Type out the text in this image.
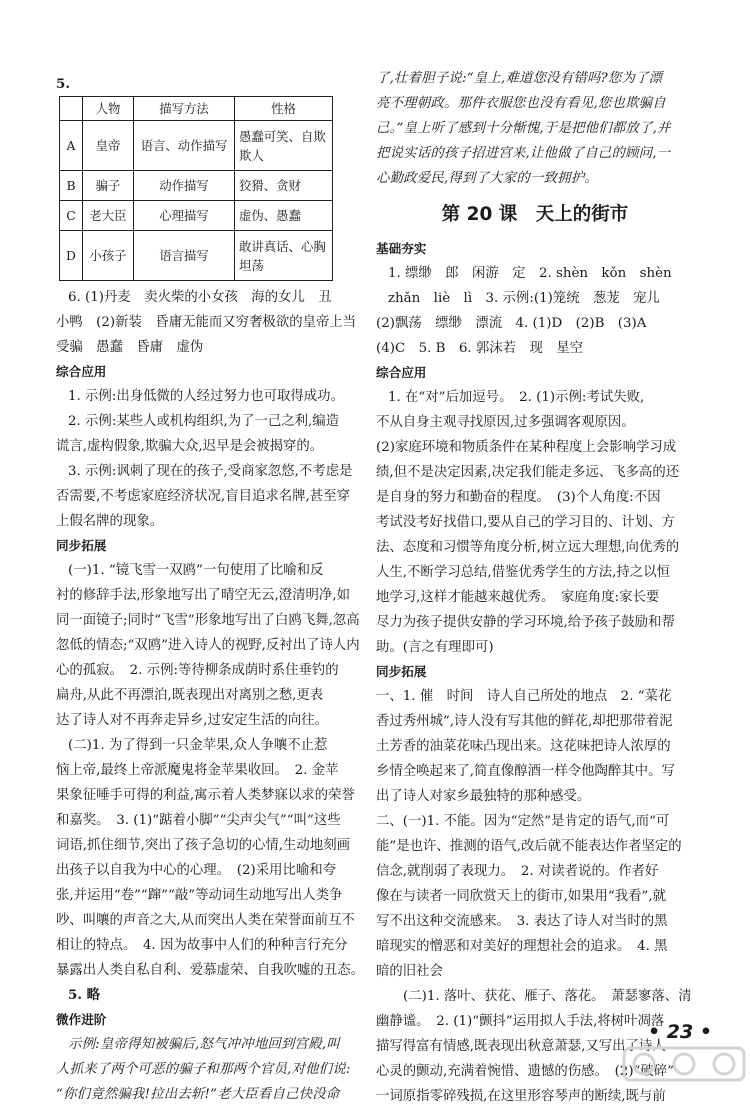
5.

	人物	描写方法	性格
A	皇帝	语言、动作描写	愚蠢可笑、自欺欺人
B	骗子	动作描写	狡猾、贪财
C	老大臣	心理描写	虚伪、愚蠢
D	小孩子	语言描写	敢讲真话、心胸坦荡

6. (1)丹麦　卖火柴的小女孩　海的女儿　丑

小鸭　(2)新装　昏庸无能而又穷奢极欲的皇帝上当

受骗　愚蠢　昏庸　虚伪

综合应用

1. 示例:出身低微的人经过努力也可取得成功。

2. 示例:某些人或机构组织,为了一己之利,编造

谎言,虚构假象,欺骗大众,迟早是会被揭穿的。

3. 示例:讽刺了现在的孩子,受商家忽悠,不考虑是

否需要,不考虑家庭经济状况,盲目追求名牌,甚至穿

上假名牌的现象。

同步拓展

(一)1. “镜飞雪一双鸥”一句使用了比喻和反

衬的修辞手法,形象地写出了晴空无云,澄清明净,如

同一面镜子;同时“飞雪”形象地写出了白鸥飞舞,忽高

忽低的情态;“双鸥”进入诗人的视野,反衬出了诗人内

心的孤寂。　2. 示例:等待柳条成荫时系住垂钓的

扁舟,从此不再漂泊,既表现出对离别之愁,更表

达了诗人对不再奔走异乡,过安定生活的向往。

(二)1. 为了得到一只金苹果,众人争嚷不止惹

恼上帝,最终上帝派魔鬼将金苹果收回。　2. 金苹

果象征唾手可得的利益,寓示着人类梦寐以求的荣誉

和嘉奖。　3. (1)“踮着小脚”“尖声尖气”“叫”这些

词语,抓住细节,突出了孩子急切的心情,生动地刻画

出孩子以自我为中心的心理。　(2)采用比喻和夸

张,并运用“卷”“蹿”“敲”等动词生动地写出人类争

吵、叫嚷的声音之大,从而突出人类在荣誉面前互不

相让的特点。　4. 因为故事中人们的种种言行充分

暴露出人类自私自利、爱慕虚荣、自我吹嘘的丑态。

5. 略

微作进阶

示例:皇帝得知被骗后,怒气冲冲地回到宫殿,叫

人抓来了两个可恶的骗子和那两个官员,对他们说:

“你们竟然骗我!拉出去斩!”老大臣看自己快没命

了,壮着胆子说:“皇上,难道您没有错吗?您为了漂

亮不理朝政。那件衣服您也没有看见,您也欺骗自

己。”皇上听了感到十分惭愧,于是把他们都放了,并

把说实话的孩子招进宫来,让他做了自己的顾问,一

心勤政爱民,得到了大家的一致拥护。

第 20 课　天上的街市
基础夯实

1. 缥缈　郎　闲游　定　2. shèn　kǒn　shèn

zhǎn　liè　lì　3. 示例:(1)笼统　葱茏　宠儿

(2)飘荡　缥缈　漂流　4. (1)D　(2)B　(3)A

(4)C　5. B　6. 郭沫若　现　星空

综合应用

1. 在“对”后加逗号。　2. (1)示例:考试失败,

不从自身主观寻找原因,过多强调客观原因。

(2)家庭环境和物质条件在某种程度上会影响学习成

绩,但不是决定因素,决定我们能走多远、飞多高的还

是自身的努力和勤奋的程度。　(3)个人角度:不因

考试没考好找借口,要从自己的学习目的、计划、方

法、态度和习惯等角度分析,树立远大理想,向优秀的

人生,不断学习总结,借鉴优秀学生的方法,持之以恒

地学习,这样才能越来越优秀。　家庭角度:家长要

尽力为孩子提供安静的学习环境,给予孩子鼓励和帮

助。(言之有理即可)

同步拓展

一、1. 催　时间　诗人自己所处的地点　2. “菜花

香过秀州城”,诗人没有写其他的鲜花,却把那带着泥

土芳香的油菜花味凸现出来。这花味把诗人浓厚的

乡情全唤起来了,简直像醇酒一样令他陶醉其中。写

出了诗人对家乡最独特的那种感受。

二、(一)1. 不能。因为“定然”是肯定的语气,而“可

能”是也许、推测的语气,改后就不能表达作者坚定的

信念,就削弱了表现力。　2. 对读者说的。作者好

像在与读者一同欣赏天上的街市,如果用“我看”,就

写不出这种交流感来。　3. 表达了诗人对当时的黑

暗现实的憎恶和对美好的理想社会的追求。　4. 黑

暗的旧社会

(二)1. 落叶、获花、雁子、落花。　萧瑟寥落、清

幽静谧。　2. (1)“颤抖”运用拟人手法,将树叶凋落

描写得富有情感,既表现出秋意萧瑟,又写出了诗人

心灵的颤动,充满着惋惜、遗憾的伤感。　(2)“破碎”

一词原指零碎残损,在这里形容琴声的断续,既与前

• 23 •
